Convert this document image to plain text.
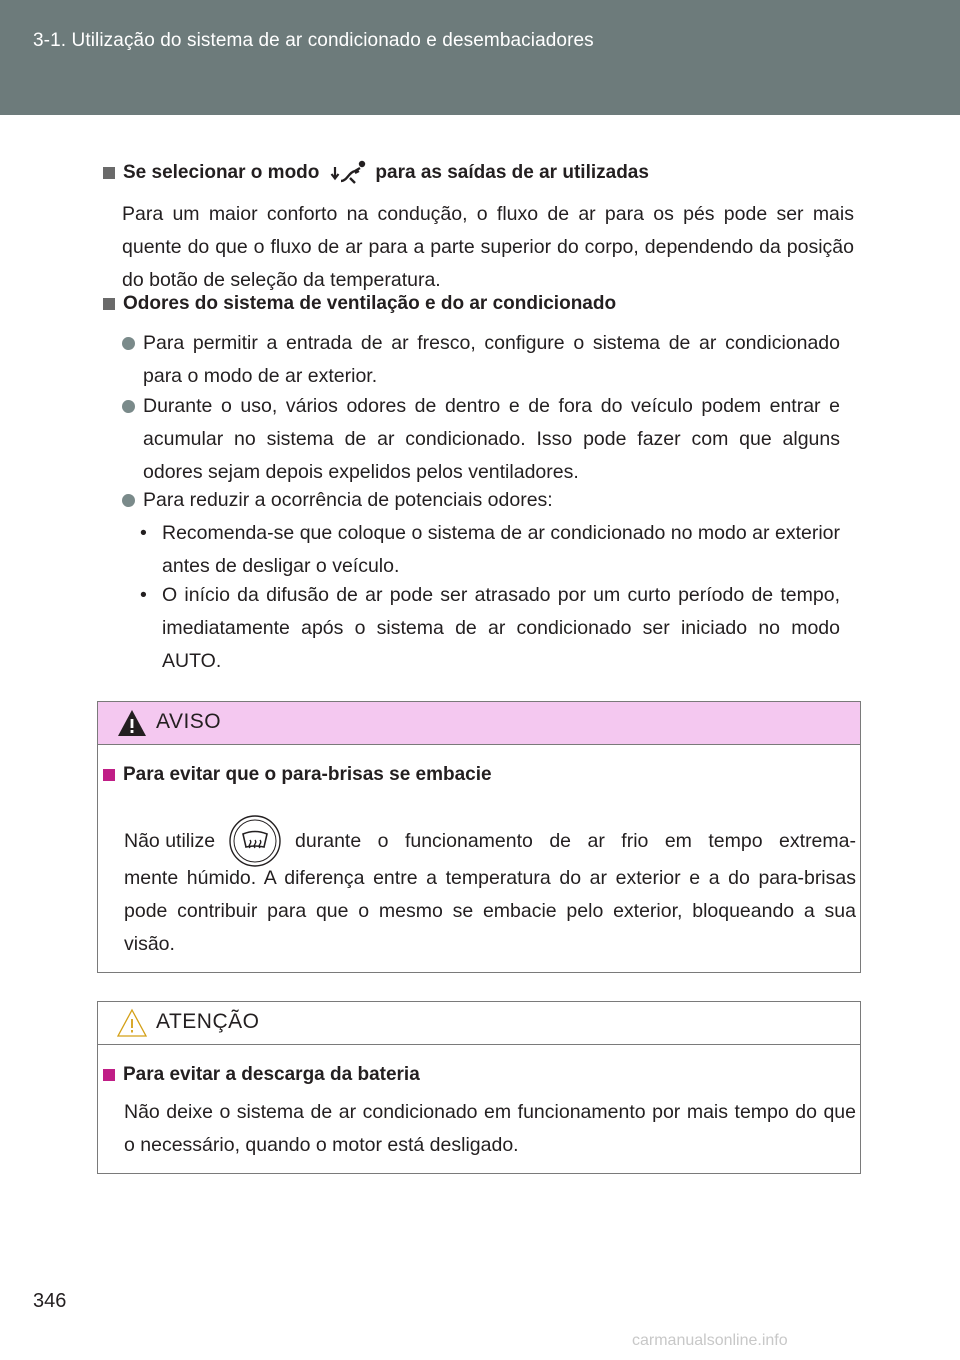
3-1. Utilização do sistema de ar condicionado e desembaciadores
Se selecionar o modo	para as saídas de ar utilizadas
Para um maior conforto na condução, o fluxo de ar para os pés pode ser mais quente do que o fluxo de ar para a parte superior do corpo, dependendo da posição do botão de seleção da temperatura.
Odores do sistema de ventilação e do ar condicionado
Para permitir a entrada de ar fresco, configure o sistema de ar condicionado para o modo de ar exterior.
Durante o uso, vários odores de dentro e de fora do veículo podem entrar e acumular no sistema de ar condicionado. Isso pode fazer com que alguns odores sejam depois expelidos pelos ventiladores.
Para reduzir a ocorrência de potenciais odores:
• Recomenda-se que coloque o sistema de ar condicionado no modo ar exterior antes de desligar o veículo.
• O início da difusão de ar pode ser atrasado por um curto período de tempo, imediatamente após o sistema de ar condicionado ser iniciado no modo AUTO.
AVISO
Para evitar que o para-brisas se embacie
Não utilize	durante o funcionamento de ar frio em tempo extrema-
mente húmido. A diferença entre a temperatura do ar exterior e a do para-brisas pode contribuir para que o mesmo se embacie pelo exterior, bloqueando a sua visão.
ATENÇÃO
Para evitar a descarga da bateria
Não deixe o sistema de ar condicionado em funcionamento por mais tempo do que o necessário, quando o motor está desligado.
346
carmanualsonline.info
